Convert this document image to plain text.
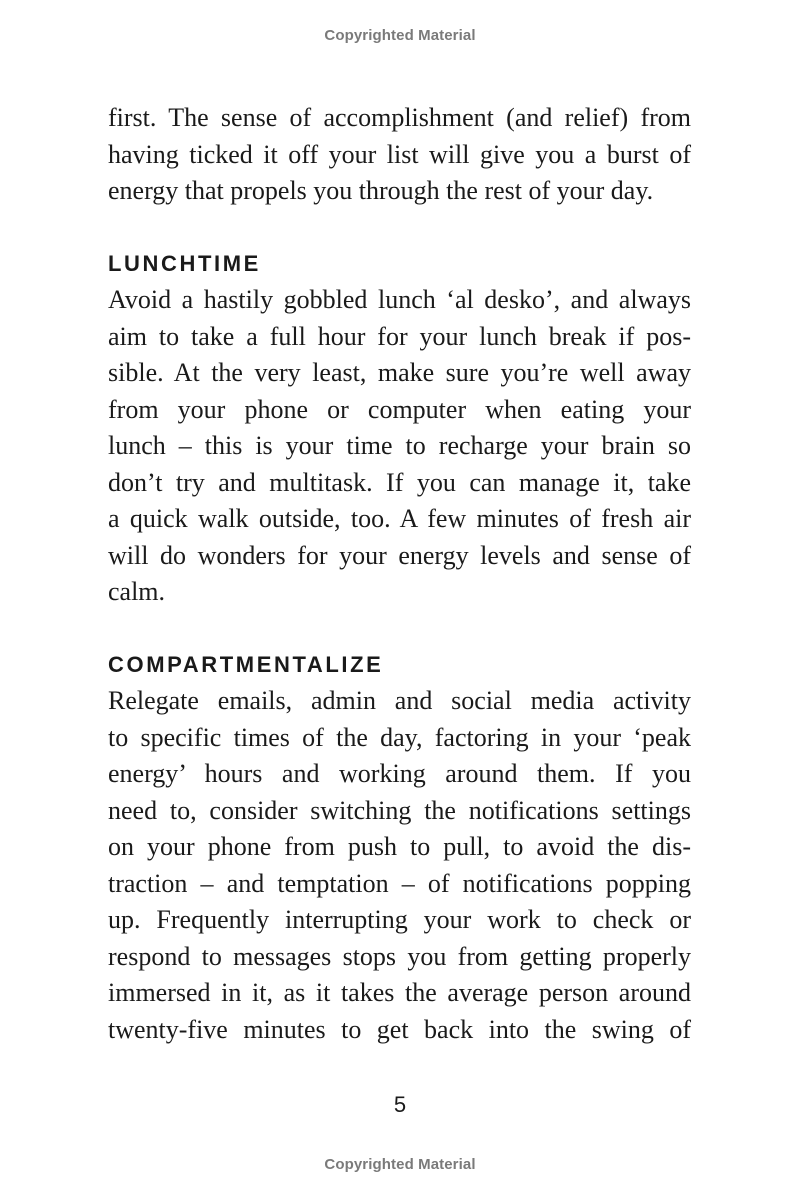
Copyrighted Material
first. The sense of accomplishment (and relief) from
having ticked it off your list will give you a burst of
energy that propels you through the rest of your day.
LUNCHTIME
Avoid a hastily gobbled lunch ‘al desko’, and always
aim to take a full hour for your lunch break if pos-
sible. At the very least, make sure you’re well away
from your phone or computer when eating your
lunch – this is your time to recharge your brain so
don’t try and multitask. If you can manage it, take
a quick walk outside, too. A few minutes of fresh air
will do wonders for your energy levels and sense of
calm.
COMPARTMENTALIZE
Relegate emails, admin and social media activity
to specific times of the day, factoring in your ‘peak
energy’ hours and working around them. If you
need to, consider switching the notifications settings
on your phone from push to pull, to avoid the dis-
traction – and temptation – of notifications popping
up. Frequently interrupting your work to check or
respond to messages stops you from getting properly
immersed in it, as it takes the average person around
twenty-five minutes to get back into the swing of
5
Copyrighted Material
